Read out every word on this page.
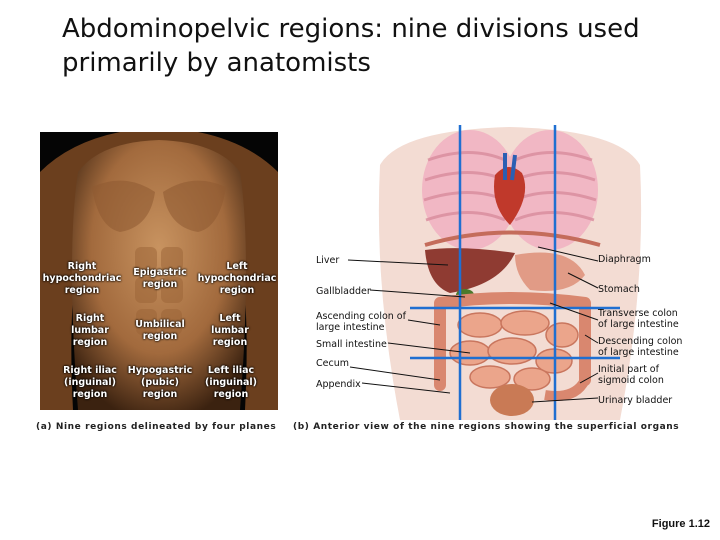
Abdominopelvic regions: nine divisions used
primarily by anatomists
Right
hypochondriac
region
Epigastric
region
Left
hypochondriac
region
Right
lumbar
region
Umbilical
region
Left
lumbar
region
Right iliac
(inguinal)
region
Hypogastric
(pubic)
region
Left iliac
(inguinal)
region
(a) Nine regions delineated by four planes
Liver
Gallbladder
Ascending colon of
large intestine
Small intestine
Cecum
Appendix
Diaphragm
Stomach
Transverse colon
of large intestine
Descending colon
of large intestine
Initial part of
sigmoid colon
Urinary bladder
(b) Anterior view of the nine regions showing the superficial organs
Figure 1.12
